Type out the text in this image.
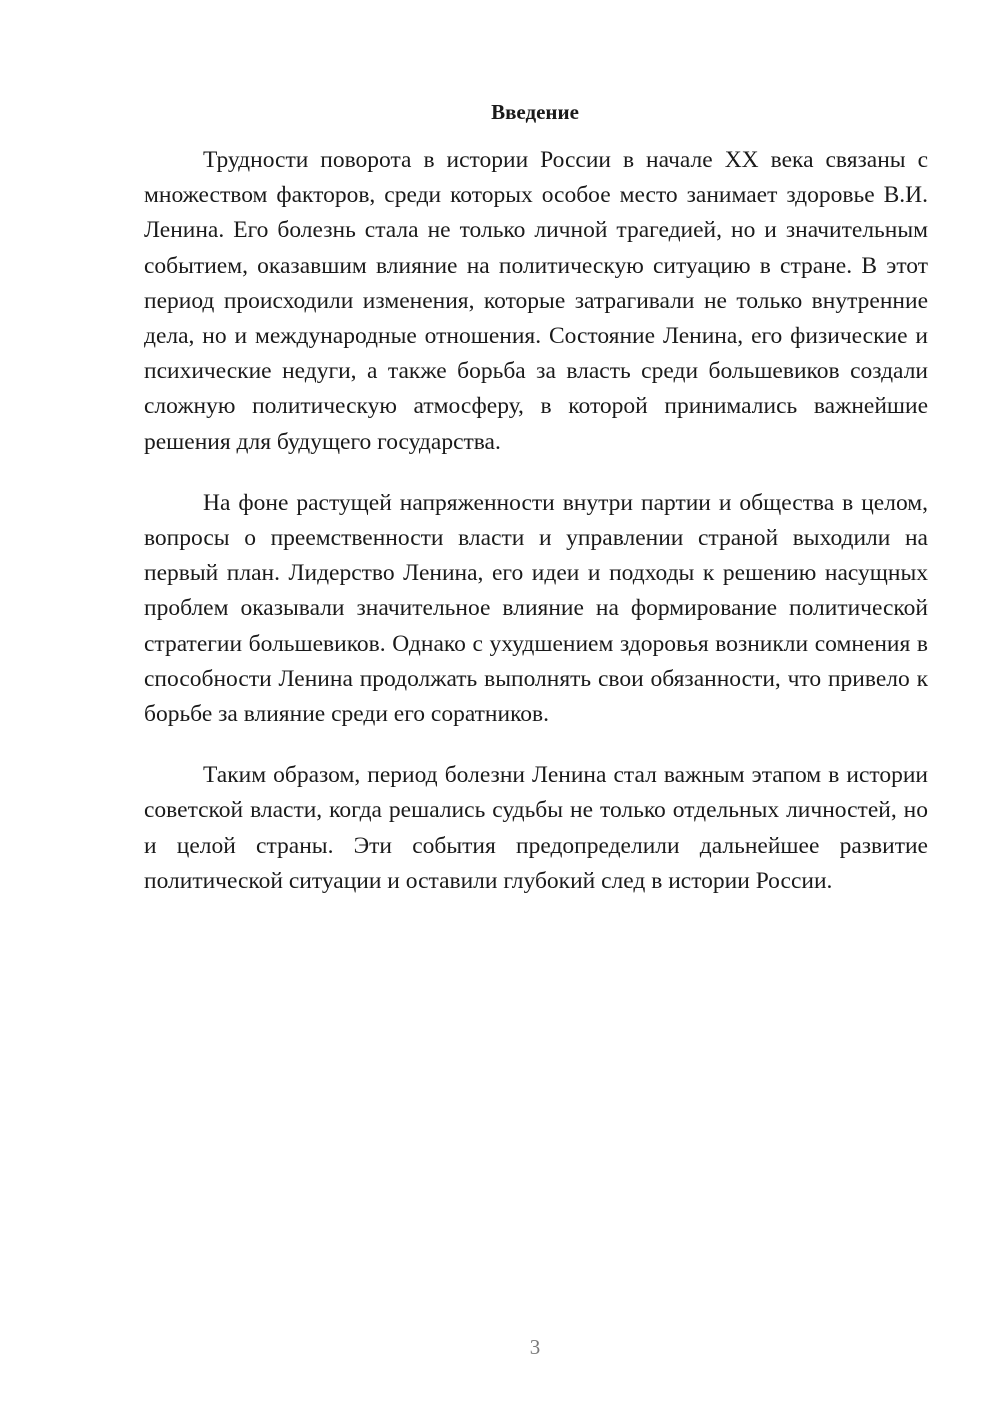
Введение

Трудности поворота в истории России в начале XX века связаны с множеством факторов, среди которых особое место занимает здоровье В.И. Ленина. Его болезнь стала не только личной трагедией, но и значительным событием, оказавшим влияние на политическую ситуацию в стране. В этот период происходили изменения, которые затрагивали не только внутренние дела, но и международные отношения. Состояние Ленина, его физические и психические недуги, а также борьба за власть среди большевиков создали сложную политическую атмосферу, в которой принимались важнейшие решения для будущего государства.

На фоне растущей напряженности внутри партии и общества в целом, вопросы о преемственности власти и управлении страной выходили на первый план. Лидерство Ленина, его идеи и подходы к решению насущных проблем оказывали значительное влияние на формирование политической стратегии большевиков. Однако с ухудшением здоровья возникли сомнения в способности Ленина продолжать выполнять свои обязанности, что привело к борьбе за влияние среди его соратников.

Таким образом, период болезни Ленина стал важным этапом в истории советской власти, когда решались судьбы не только отдельных личностей, но и целой страны. Эти события предопределили дальнейшее развитие политической ситуации и оставили глубокий след в истории России.

3
